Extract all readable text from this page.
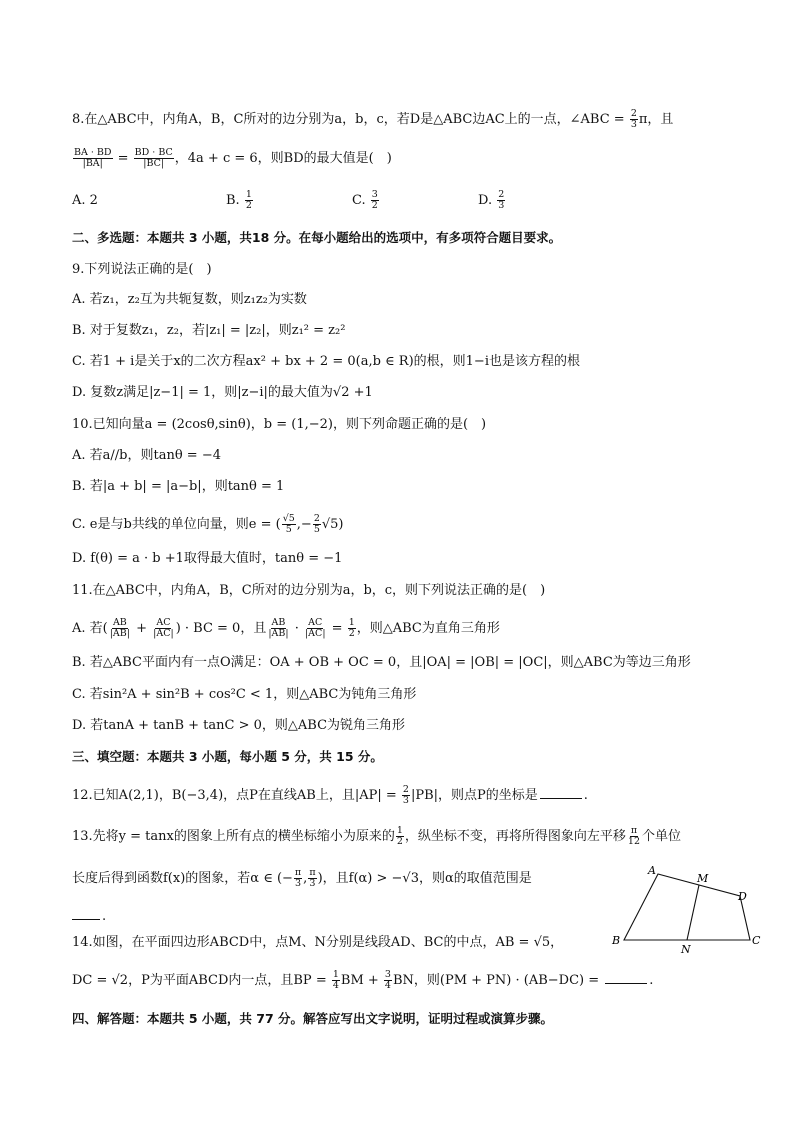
8.在△ABC中，内角A，B，C所对的边分别为a，b，c，若D是△ABC边AC上的一点，∠ABC = $\frac{2}{3}$ π，且
$\frac{BA \cdot BD}{|BA|} = \frac{BD \cdot BC}{|BC|}$ ，4a + c = 6，则BD的最大值是(　)
A. 2	B. $\frac{1}{2}$	C. $\frac{3}{2}$	D. $\frac{2}{3}$
二、多选题：本题共 3 小题，共18 分。在每小题给出的选项中，有多项符合题目要求。
9.下列说法正确的是(　)
A. 若z₁，z₂互为共轭复数，则z₁z₂为实数
B. 对于复数z₁，z₂，若|z₁| = |z₂|，则z₁² = z₂²
C. 若1 + i是关于x的二次方程ax² + bx + 2 = 0(a,b ∈ R)的根，则1−i也是该方程的根
D. 复数z满足|z−1| = 1，则|z−i|的最大值为√2 +1
10.已知向量a = (2cosθ,sinθ)，b = (1,−2)，则下列命题正确的是(　)
A. 若a//b，则tanθ = −4
B. 若|a + b| = |a−b|，则tanθ = 1
C. e是与b共线的单位向量，则e = ( $\frac{√5}{5}$ ,− $\frac{2}{5} √5$)
D. f(θ) = a · b +1取得最大值时，tanθ = −1
11.在△ABC中，内角A，B，C所对的边分别为a，b，c，则下列说法正确的是(　)
A. 若( $\frac{AB}{|AB|} + \frac{AC}{|AC|}$ ) · BC = 0，且 $\frac{AB}{|AB|} \cdot \frac{AC}{|AC|} = \frac{1}{2}$ ，则△ABC为直角三角形
B. 若△ABC平面内有一点O满足：OA + OB + OC = 0，且|OA| = |OB| = |OC|，则△ABC为等边三角形
C. 若sin²A + sin²B + cos²C < 1，则△ABC为钝角三角形
D. 若tanA + tanB + tanC > 0，则△ABC为锐角三角形
三、填空题：本题共 3 小题，每小题 5 分，共 15 分。
12.已知A(2,1)，B(−3,4)，点P在直线AB上，且$|AP| = \frac{2}{3} |PB|$，则点P的坐标是	.
13.先将y = tanx的图象上所有点的横坐标缩小为原来的 $\frac{1}{2}$ ，纵坐标不变，再将所得图象向左平移 $\frac{\pi}{12}$ 个单位
长度后得到函数f(x)的图象，若α ∈ (− $\frac{\pi}{3}$ , $\frac{\pi}{3}$ )，且f(α) > −√3，则α的取值范围是
.
14.如图，在平面四边形ABCD中，点M、N分别是线段AD、BC的中点，AB = √5，
DC = √2，P为平面ABCD内一点，且BP = $\frac{1}{4}$ BM + $\frac{3}{4}$ BN，则(PM + PN) · (AB−DC) =	.
A
M
D
B
N
C
四、解答题：本题共 5 小题，共 77 分。解答应写出文字说明，证明过程或演算步骤。
